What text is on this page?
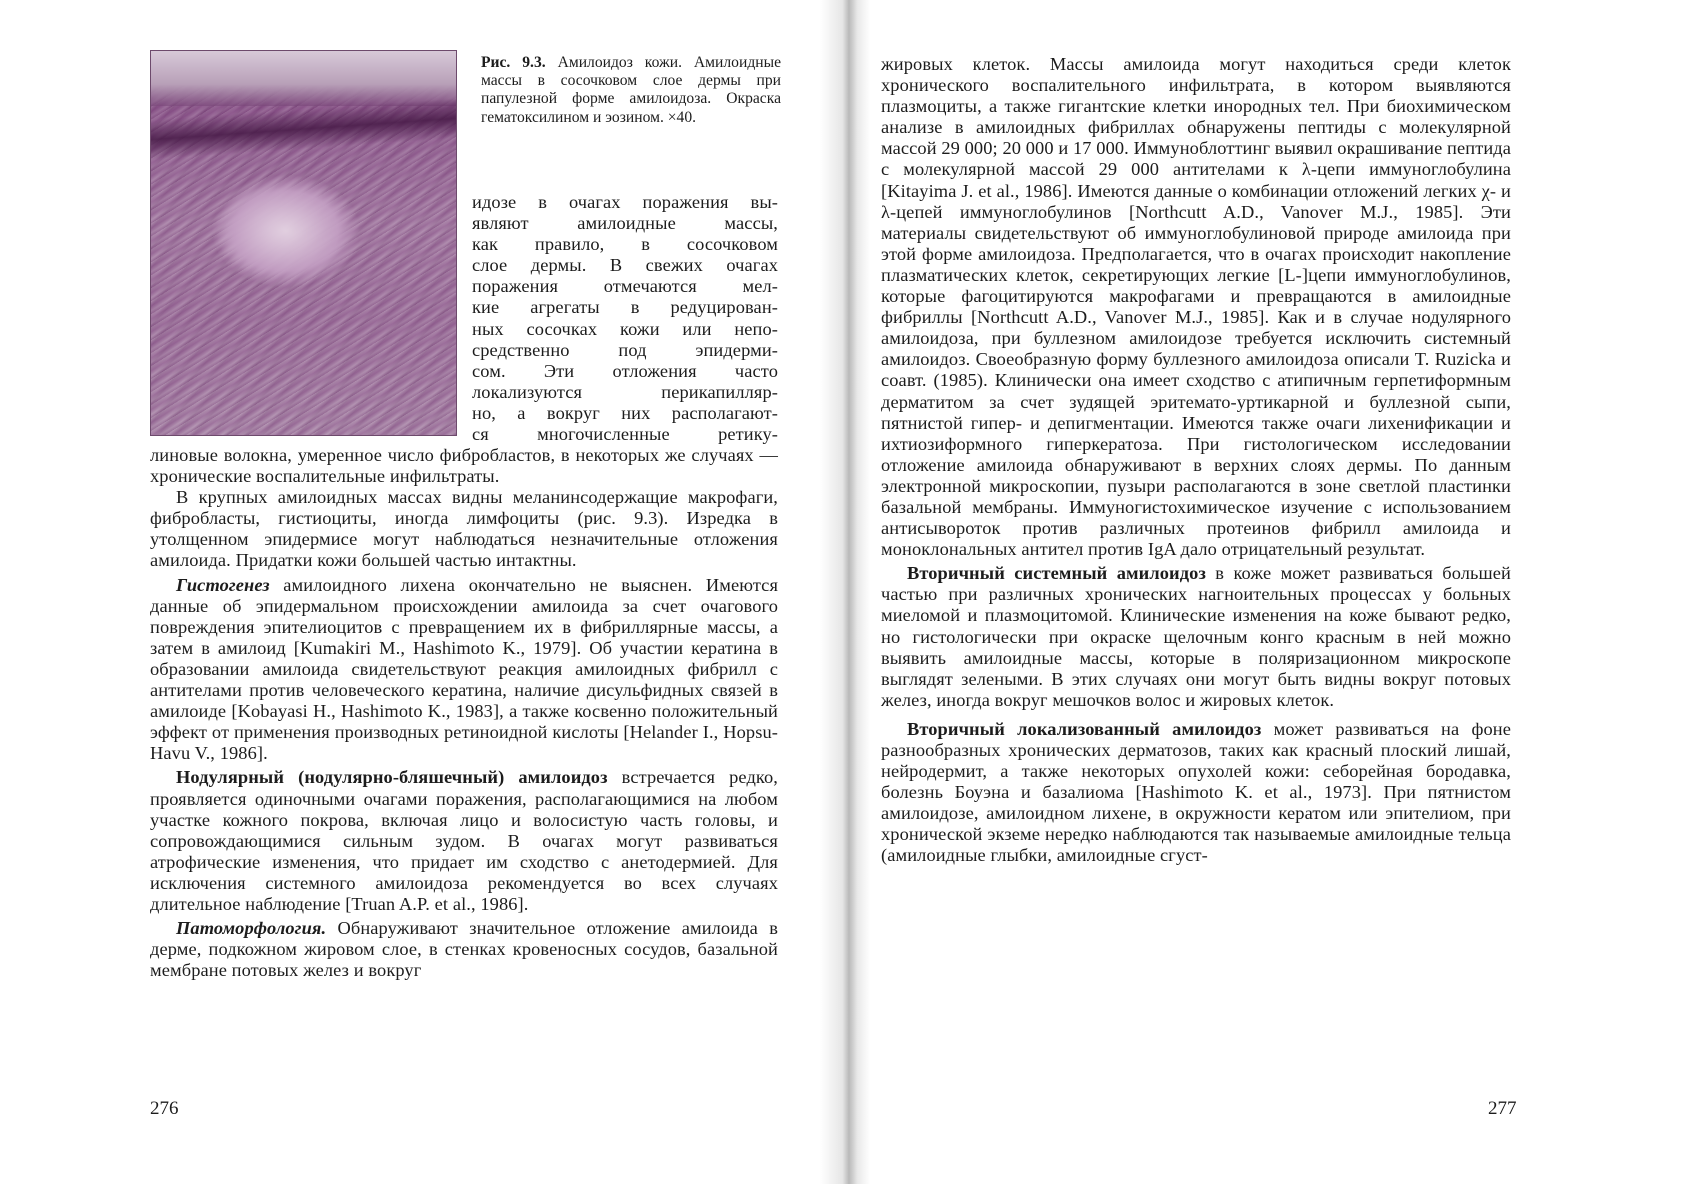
Рис. 9.3. Амилоидоз кожи. Амилоидные массы в сосочковом слое дермы при папулезной форме амилоидоза. Окраска гематоксилином и эозином. ×40.
идозе в очагах поражения вы-
являют амилоидные массы,
как правило, в сосочковом
слое дермы. В свежих очагах
поражения отмечаются мел-
кие агрегаты в редуцирован-
ных сосочках кожи или непо-
средственно под эпидерми-
сом. Эти отложения часто
локализуются перикапилляр-
но, а вокруг них располагают-
ся многочисленные ретику-

линовые волокна, умеренное число фибробластов, в некоторых же случаях — хронические воспалительные инфильтраты.

В крупных амилоидных массах видны меланинсодержащие макрофаги, фибробласты, гистиоциты, иногда лимфоциты (рис. 9.3). Изредка в утолщенном эпидермисе могут наблюдаться незначительные отложения амилоида. Придатки кожи большей частью интактны.

Гистогенез амилоидного лихена окончательно не выяснен. Имеются данные об эпидермальном происхождении амилоида за счет очагового повреждения эпителиоцитов с превращением их в фибриллярные массы, а затем в амилоид [Kumakiri M., Hashimoto K., 1979]. Об участии кератина в образовании амилоида свидетельствуют реакция амилоидных фибрилл с антителами против человеческого кератина, наличие дисульфидных связей в амилоиде [Kobayasi H., Hashimoto K., 1983], а также косвенно положительный эффект от применения производных ретиноидной кислоты [Helander I., Hopsu-Havu V., 1986].

Нодулярный (нодулярно-бляшечный) амилоидоз встречается редко, проявляется одиночными очагами поражения, располагающимися на любом участке кожного покрова, включая лицо и волосистую часть головы, и сопровождающимися сильным зудом. В очагах могут развиваться атрофические изменения, что придает им сходство с анетодермией. Для исключения системного амилоидоза рекомендуется во всех случаях длительное наблюдение [Truan A.P. et al., 1986].

Патоморфология. Обнаруживают значительное отложение амилоида в дерме, подкожном жировом слое, в стенках кровеносных сосудов, базальной мембране потовых желез и вокруг

276

жировых клеток. Массы амилоида могут находиться среди клеток хронического воспалительного инфильтрата, в котором выявляются плазмоциты, а также гигантские клетки инородных тел. При биохимическом анализе в амилоидных фибриллах обнаружены пептиды с молекулярной массой 29 000; 20 000 и 17 000. Иммуноблоттинг выявил окрашивание пептида с молекулярной массой 29 000 антителами к λ-цепи иммуноглобулина [Kitayima J. et al., 1986]. Имеются данные о комбинации отложений легких χ- и λ-цепей иммуноглобулинов [Northcutt A.D., Vanover M.J., 1985]. Эти материалы свидетельствуют об иммуноглобулиновой природе амилоида при этой форме амилоидоза. Предполагается, что в очагах происходит накопление плазматических клеток, секретирующих легкие [L-]цепи иммуноглобулинов, которые фагоцитируются макрофагами и превращаются в амилоидные фибриллы [Northcutt A.D., Vanover M.J., 1985]. Как и в случае нодулярного амилоидоза, при буллезном амилоидозе требуется исключить системный амилоидоз. Своеобразную форму буллезного амилоидоза описали T. Ruzicka и соавт. (1985). Клинически она имеет сходство с атипичным герпетиформным дерматитом за счет зудящей эритемато-уртикарной и буллезной сыпи, пятнистой гипер- и депигментации. Имеются также очаги лихенификации и ихтиозиформного гиперкератоза. При гистологическом исследовании отложение амилоида обнаруживают в верхних слоях дермы. По данным электронной микроскопии, пузыри располагаются в зоне светлой пластинки базальной мембраны. Иммуногистохимическое изучение с использованием антисывороток против различных протеинов фибрилл амилоида и моноклональных антител против IgA дало отрицательный результат.

Вторичный системный амилоидоз в коже может развиваться большей частью при различных хронических нагноительных процессах у больных миеломой и плазмоцитомой. Клинические изменения на коже бывают редко, но гистологически при окраске щелочным конго красным в ней можно выявить амилоидные массы, которые в поляризационном микроскопе выглядят зелеными. В этих случаях они могут быть видны вокруг потовых желез, иногда вокруг мешочков волос и жировых клеток.

Вторичный локализованный амилоидоз может развиваться на фоне разнообразных хронических дерматозов, таких как красный плоский лишай, нейродермит, а также некоторых опухолей кожи: себорейная бородавка, болезнь Боуэна и базалиома [Hashimoto K. et al., 1973]. При пятнистом амилоидозе, амилоидном лихене, в окружности кератом или эпителиом, при хронической экземе нередко наблюдаются так называемые амилоидные тельца (амилоидные глыбки, амилоидные сгуст-

277
